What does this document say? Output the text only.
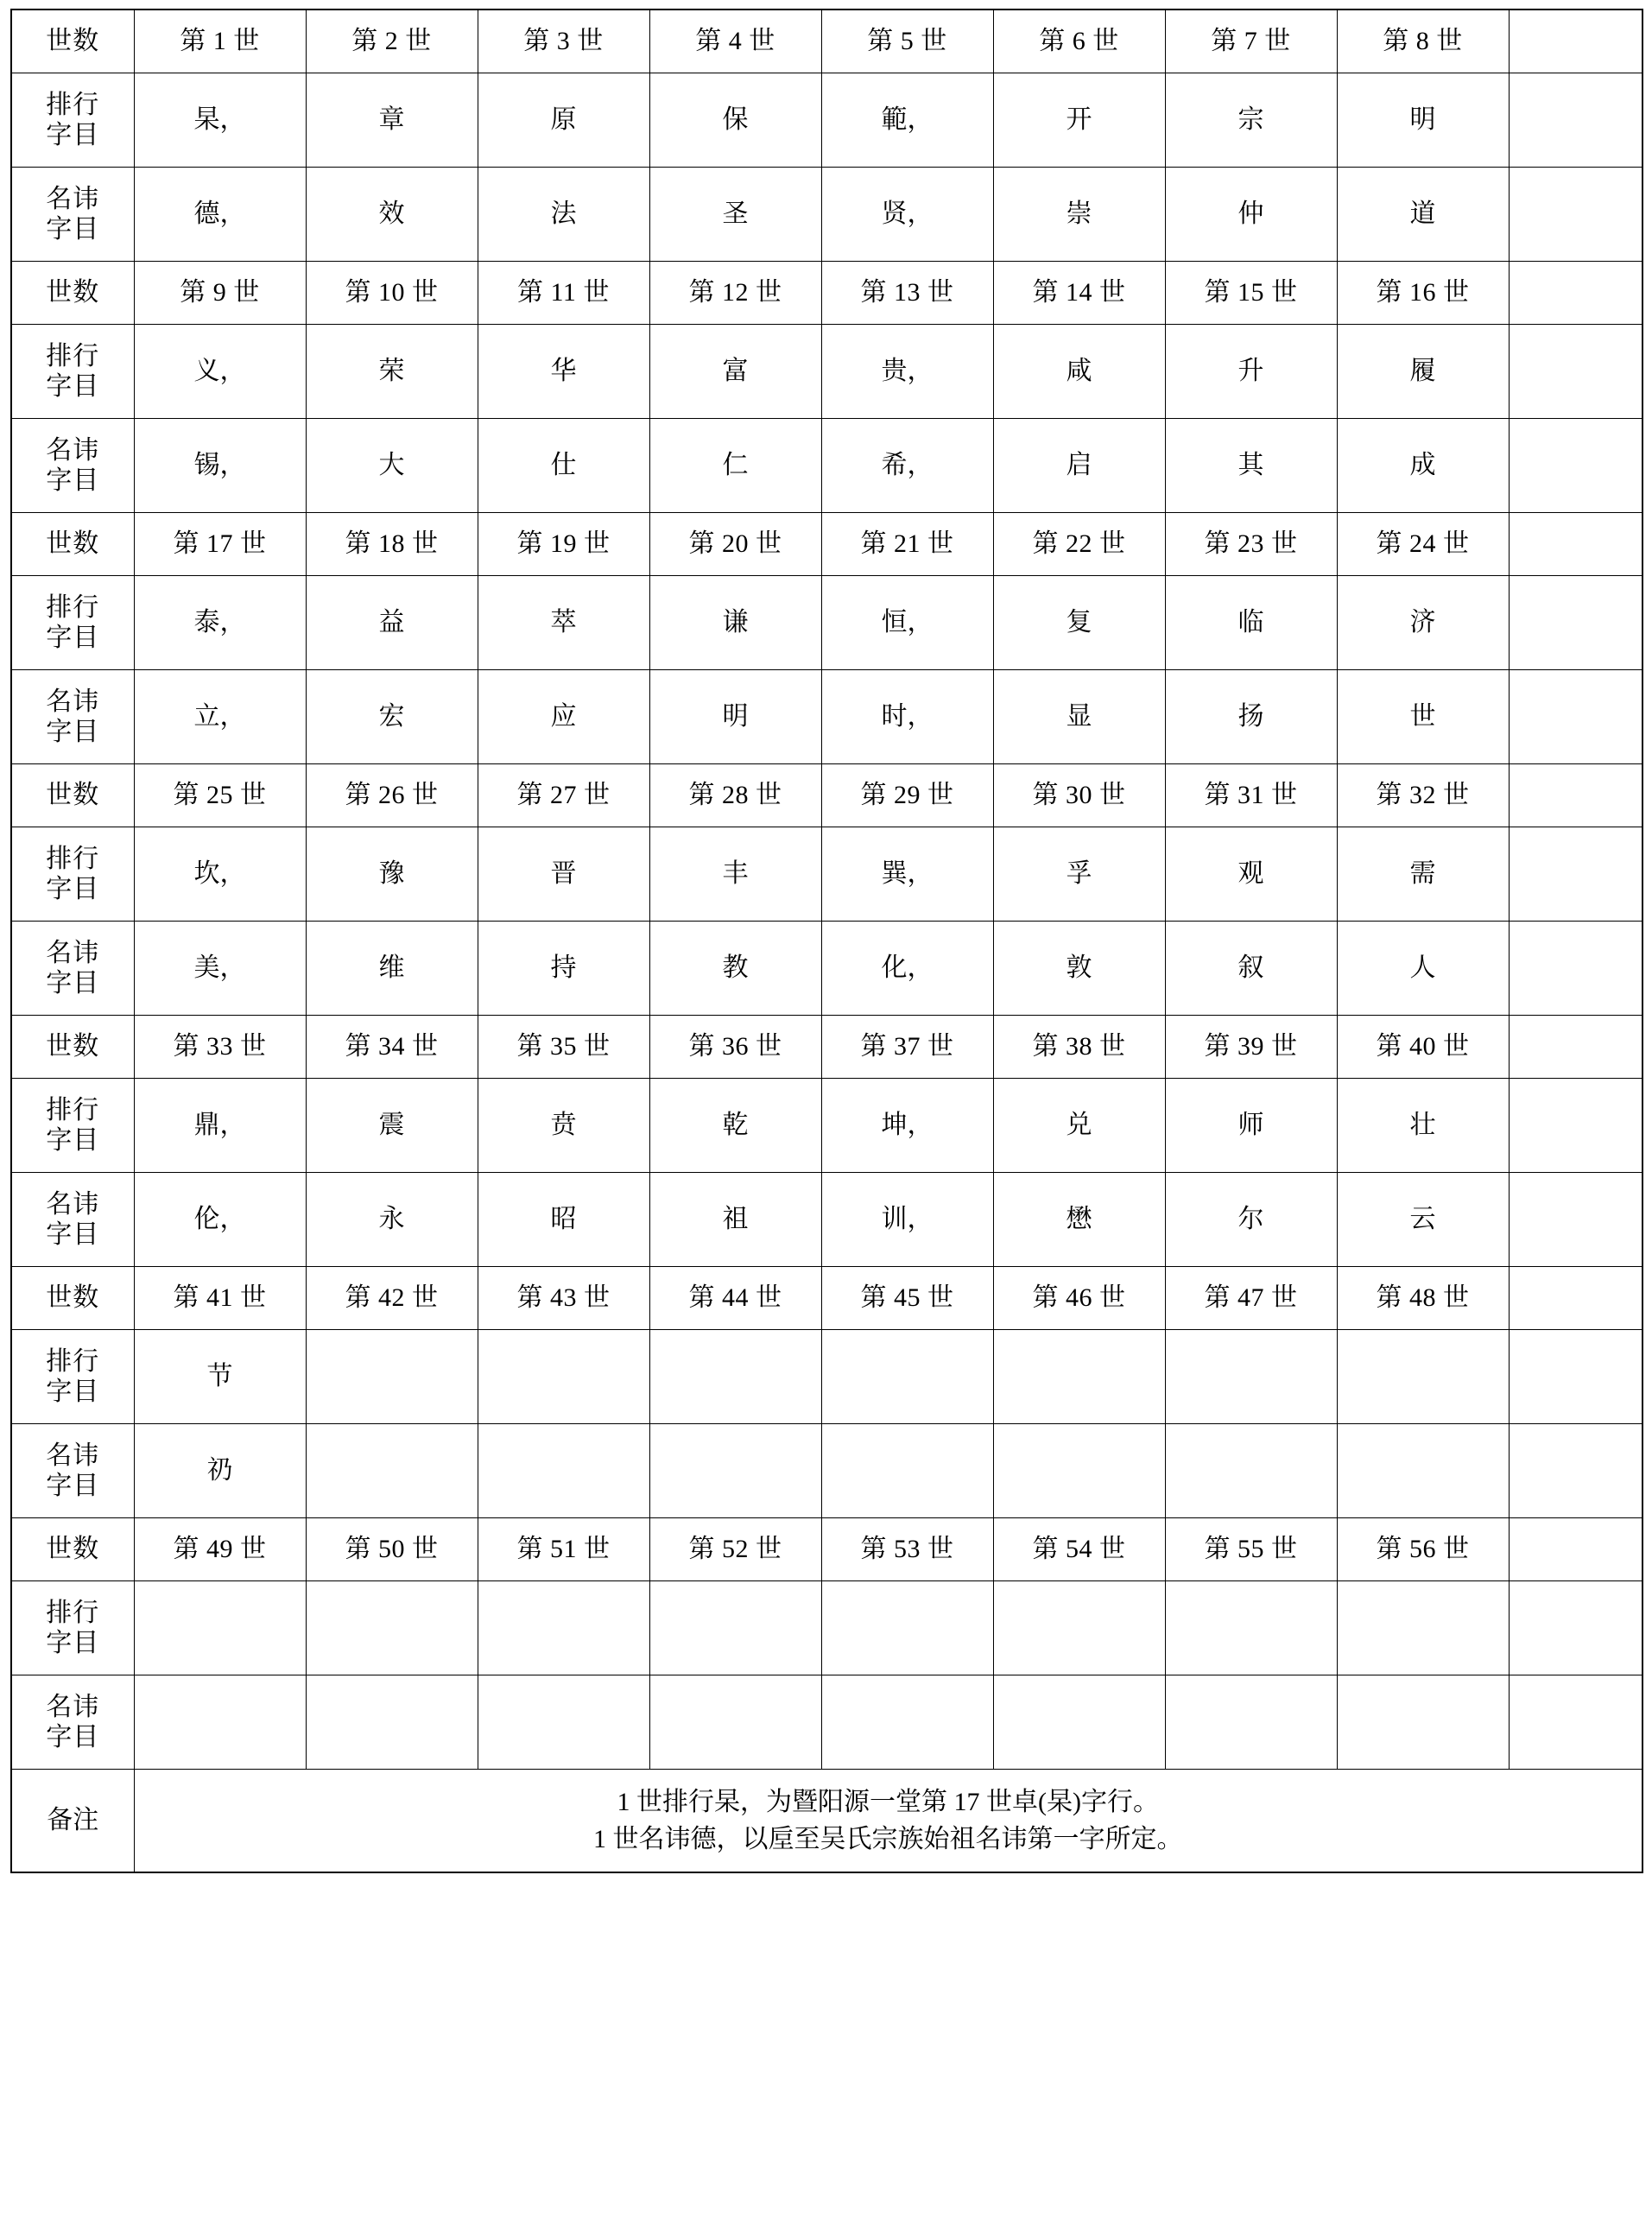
世数	第 1 世	第 2 世	第 3 世	第 4 世	第 5 世	第 6 世	第 7 世	第 8 世	

排行
字目	杲，	章	原	保	範，	开	宗	明	

名讳
字目	德，	效	法	圣	贤，	崇	仲	道	

世数	第 9 世	第 10 世	第 11 世	第 12 世	第 13 世	第 14 世	第 15 世	第 16 世	

排行
字目	义，	荣	华	富	贵，	咸	升	履	

名讳
字目	锡，	大	仕	仁	希，	启	其	成	

世数	第 17 世	第 18 世	第 19 世	第 20 世	第 21 世	第 22 世	第 23 世	第 24 世	

排行
字目	泰，	益	萃	谦	恒，	复	临	济	

名讳
字目	立，	宏	应	明	时，	显	扬	世	

世数	第 25 世	第 26 世	第 27 世	第 28 世	第 29 世	第 30 世	第 31 世	第 32 世	

排行
字目	坎，	豫	晋	丰	巽，	孚	观	需	

名讳
字目	美，	维	持	教	化，	敦	叙	人	

世数	第 33 世	第 34 世	第 35 世	第 36 世	第 37 世	第 38 世	第 39 世	第 40 世	

排行
字目	鼎，	震	贲	乾	坤，	兑	师	壮	

名讳
字目	伦，	永	昭	祖	训，	懋	尔	云	

世数	第 41 世	第 42 世	第 43 世	第 44 世	第 45 世	第 46 世	第 47 世	第 48 世	

排行
字目	节								

名讳
字目	礽								

世数	第 49 世	第 50 世	第 51 世	第 52 世	第 53 世	第 54 世	第 55 世	第 56 世	

排行
字目									

名讳
字目									

备注	1 世排行杲，为暨阳源一堂第 17 世卓(杲)字行。
1 世名讳德，以垕至吴氏宗族始祖名讳第一字所定。								
